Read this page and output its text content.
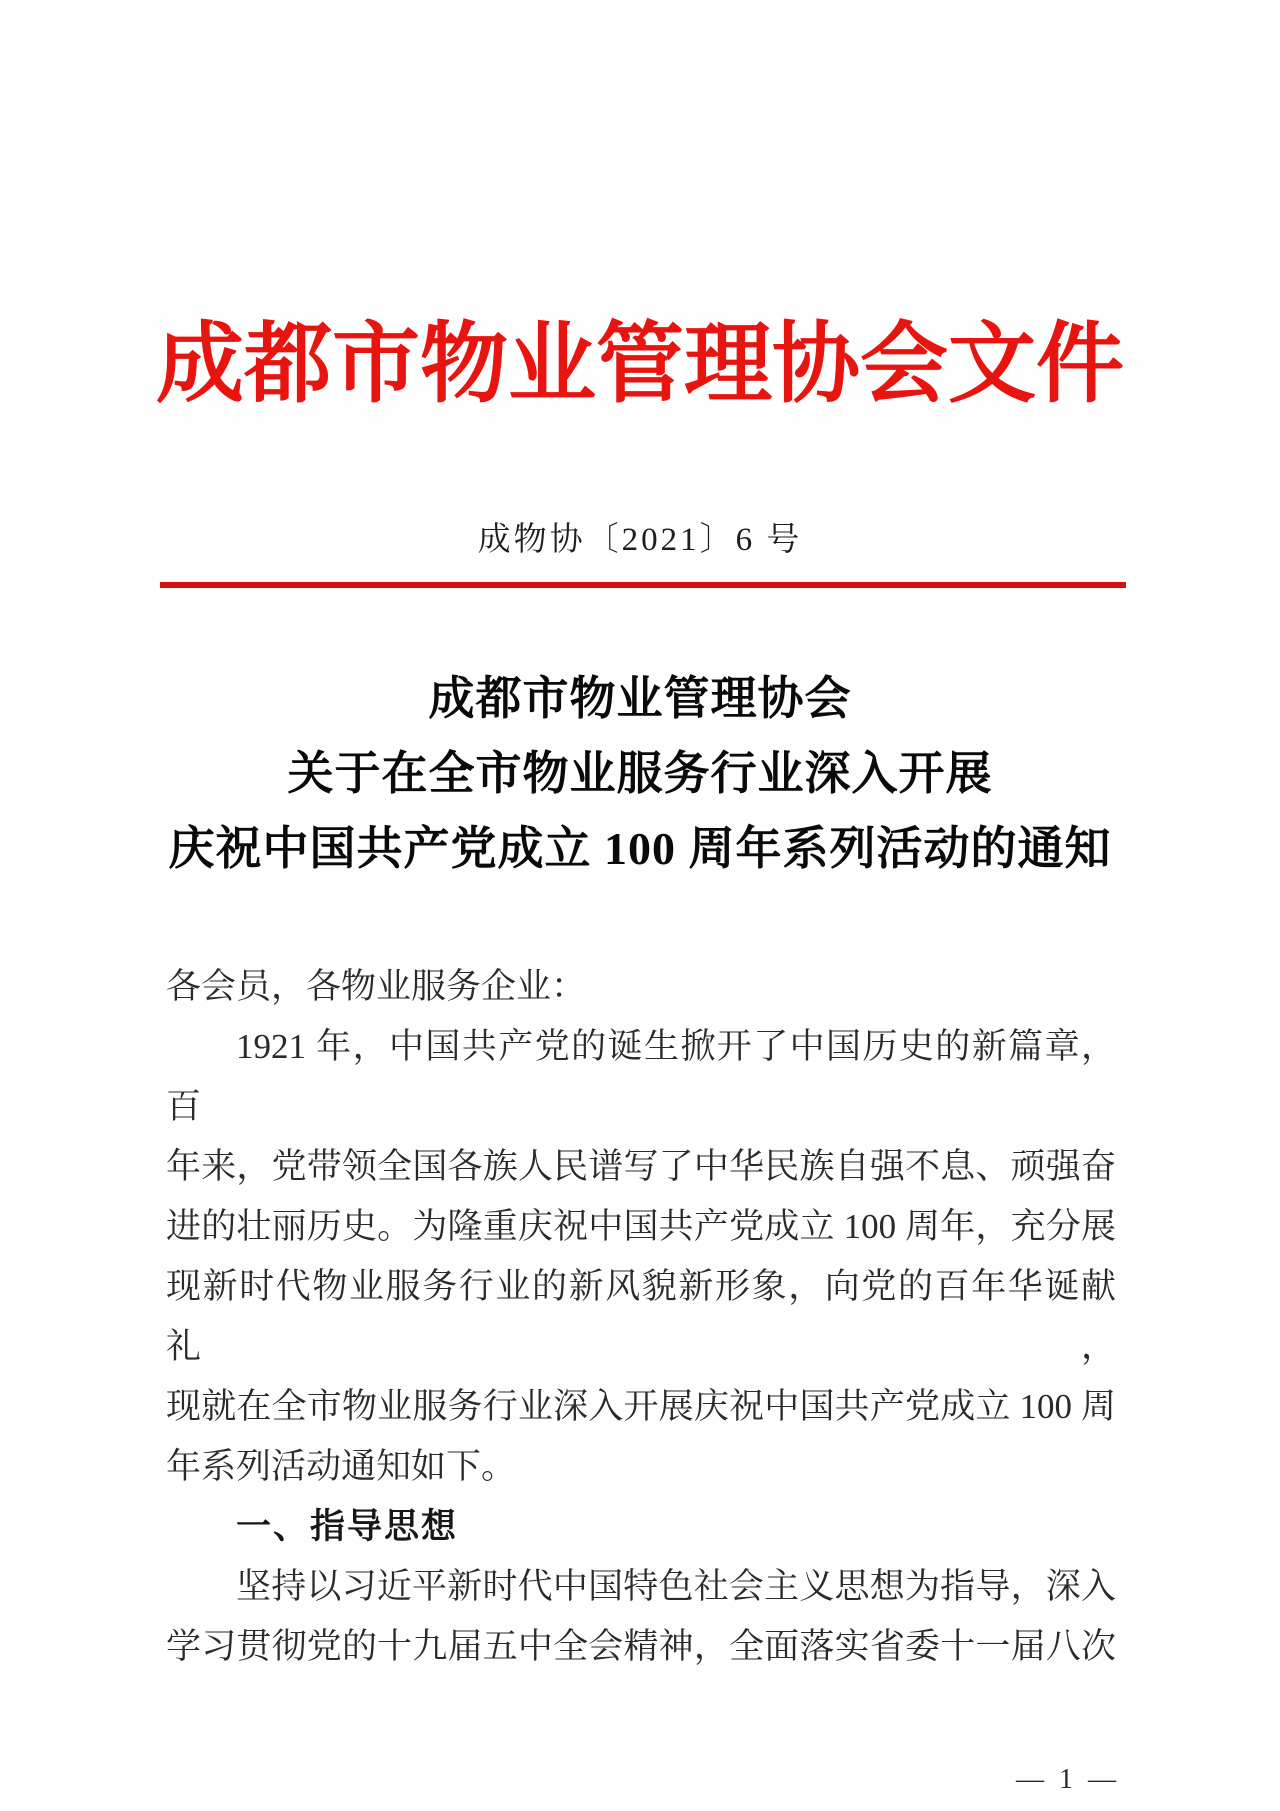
成都市物业管理协会文件
成物协〔2021〕6 号
成都市物业管理协会
关于在全市物业服务行业深入开展
庆祝中国共产党成立 100 周年系列活动的通知
各会员，各物业服务企业：
1921 年，中国共产党的诞生掀开了中国历史的新篇章，百
年来，党带领全国各族人民谱写了中华民族自强不息、顽强奋
进的壮丽历史。为隆重庆祝中国共产党成立 100 周年，充分展
现新时代物业服务行业的新风貌新形象，向党的百年华诞献礼，
现就在全市物业服务行业深入开展庆祝中国共产党成立 100 周
年系列活动通知如下。
一、指导思想
坚持以习近平新时代中国特色社会主义思想为指导，深入
学习贯彻党的十九届五中全会精神，全面落实省委十一届八次
— 1 —
